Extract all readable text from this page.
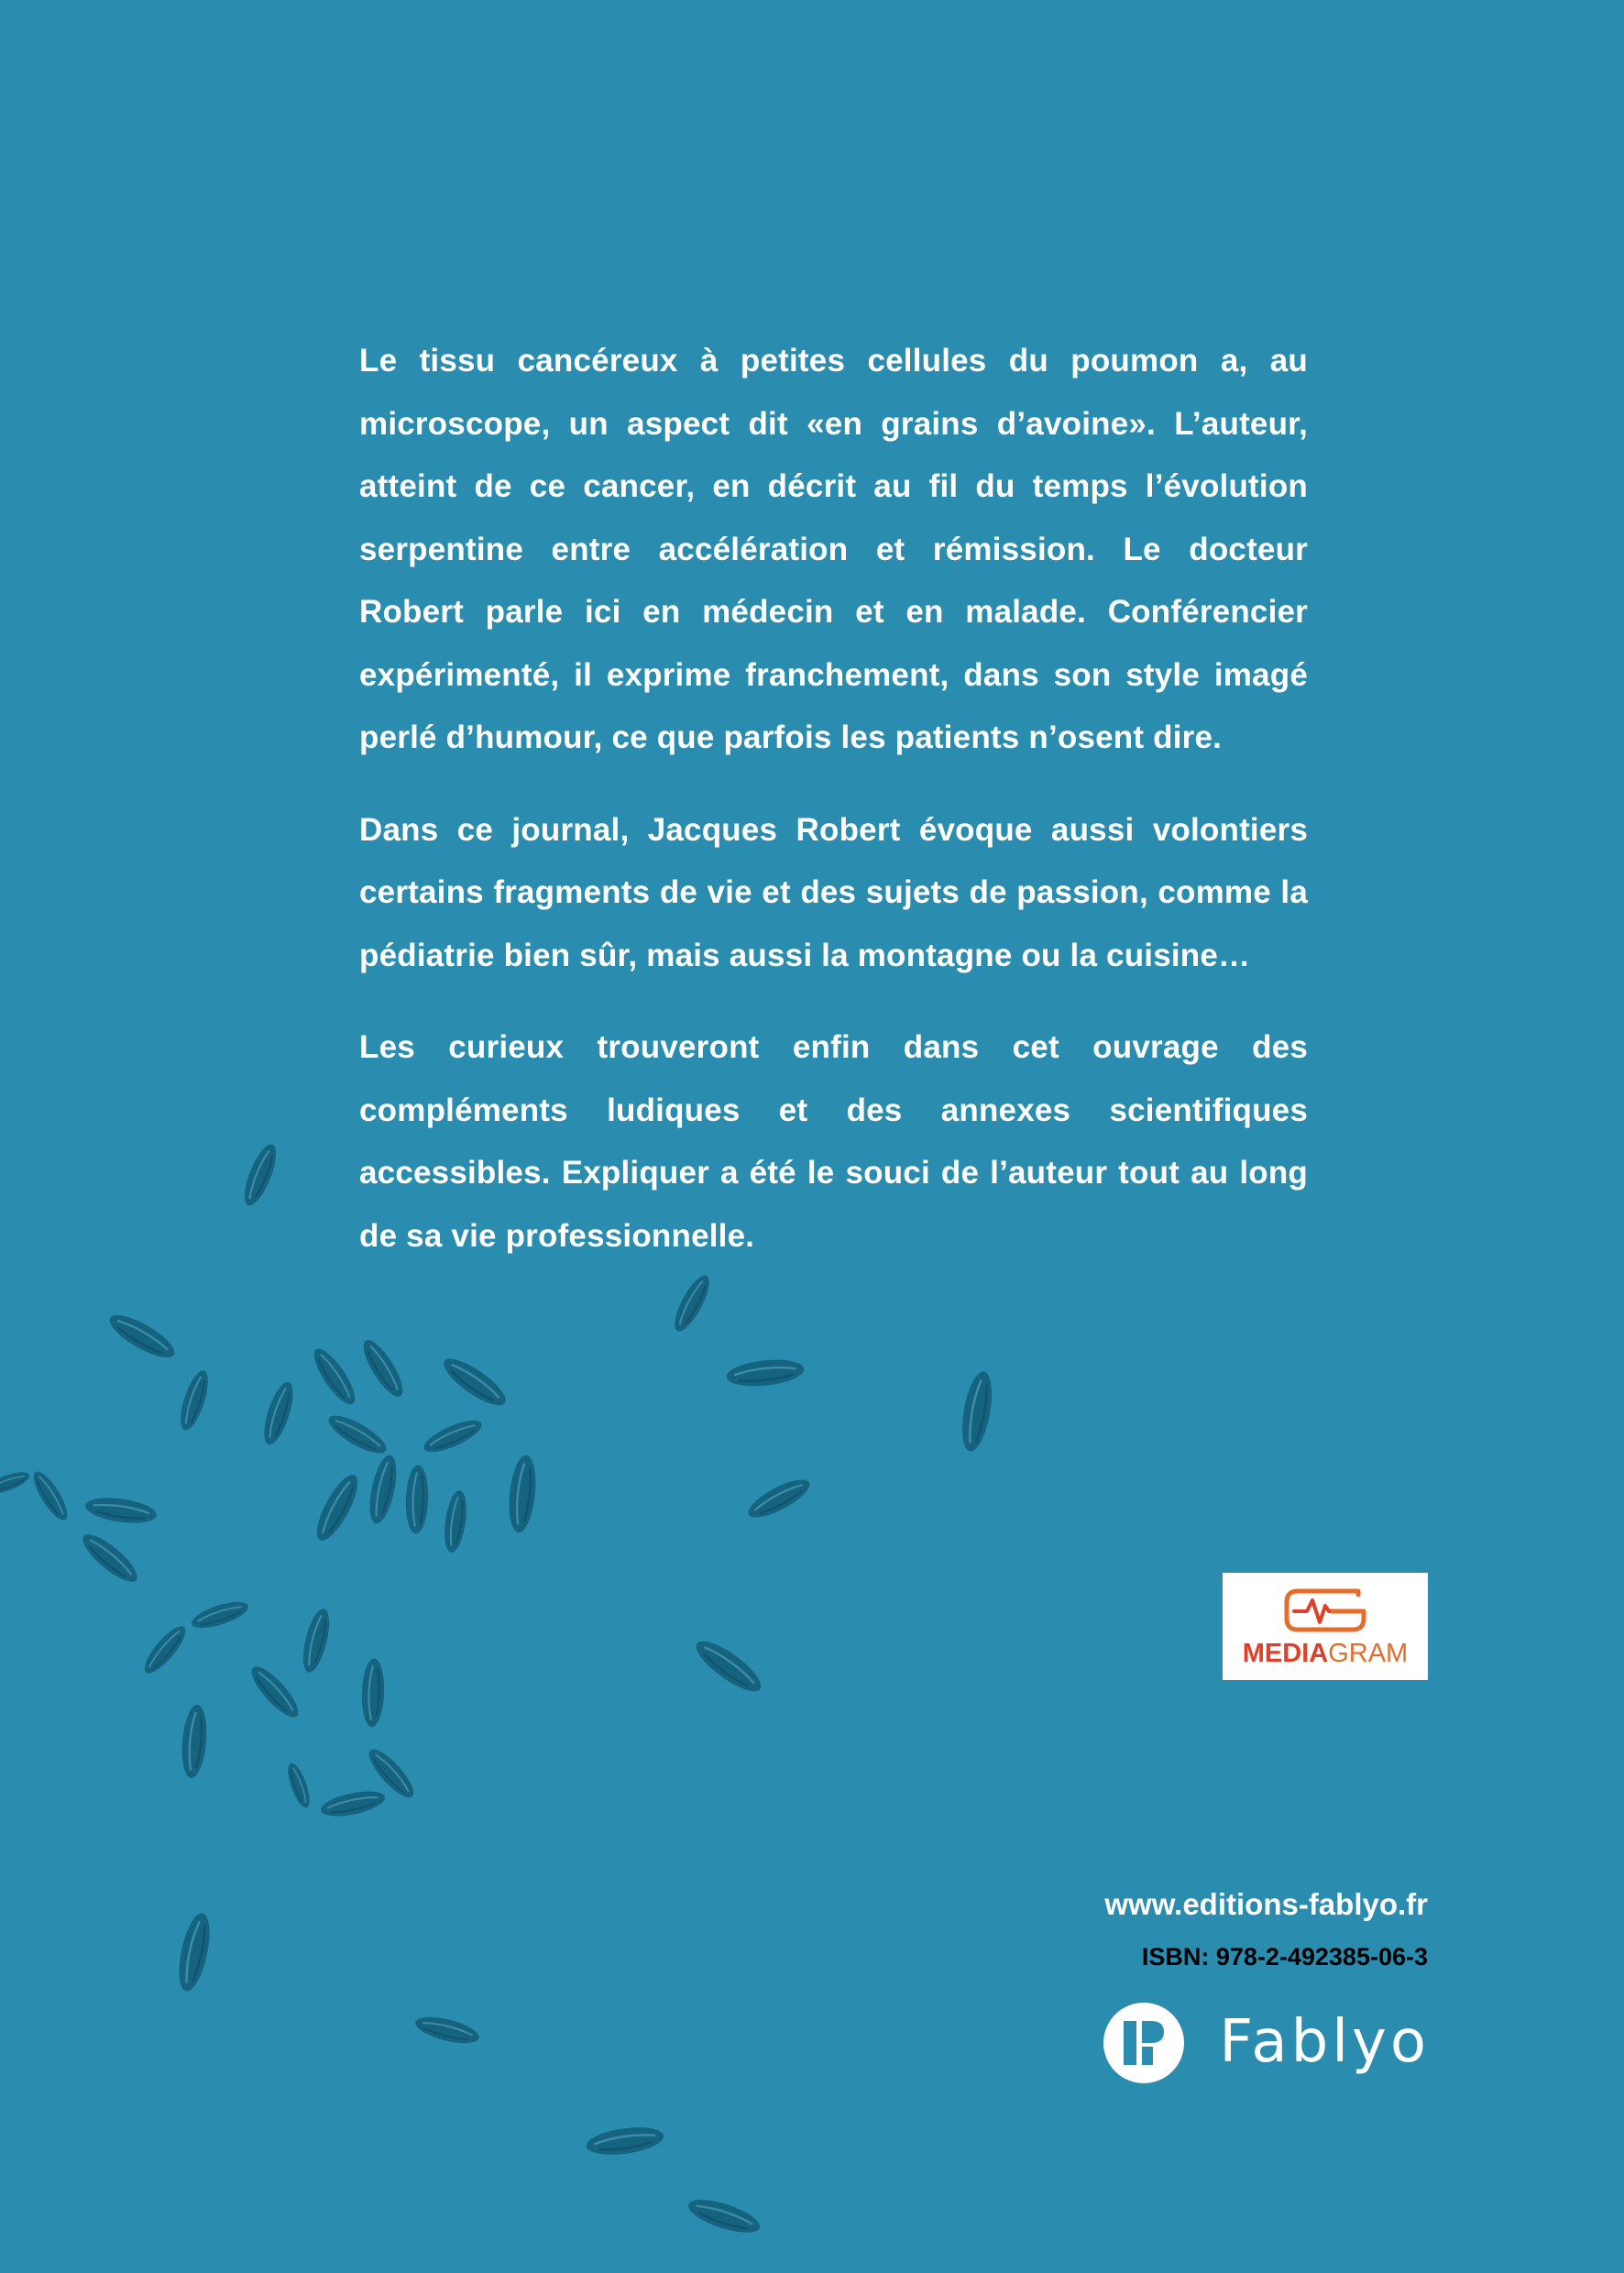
Le tissu cancéreux à petites cellules du poumon a, au microscope, un aspect dit «en grains d’avoine». L’auteur, atteint de ce cancer, en décrit au fil du temps l’évolution serpentine entre accélération et rémission. Le docteur Robert parle ici en médecin et en malade. Conférencier expérimenté, il exprime franchement, dans son style imagé perlé d’humour, ce que parfois les patients n’osent dire.

Dans ce journal, Jacques Robert évoque aussi volontiers certains fragments de vie et des sujets de passion, comme la pédiatrie bien sûr, mais aussi la montagne ou la cuisine…

Les curieux trouveront enfin dans cet ouvrage des compléments ludiques et des annexes scientifiques accessibles. Expliquer a été le souci de l’auteur tout au long de sa vie professionnelle.

MEDIAGRAM
www.editions-fablyo.fr
ISBN: 978-2-492385-06-3
Fablyo
